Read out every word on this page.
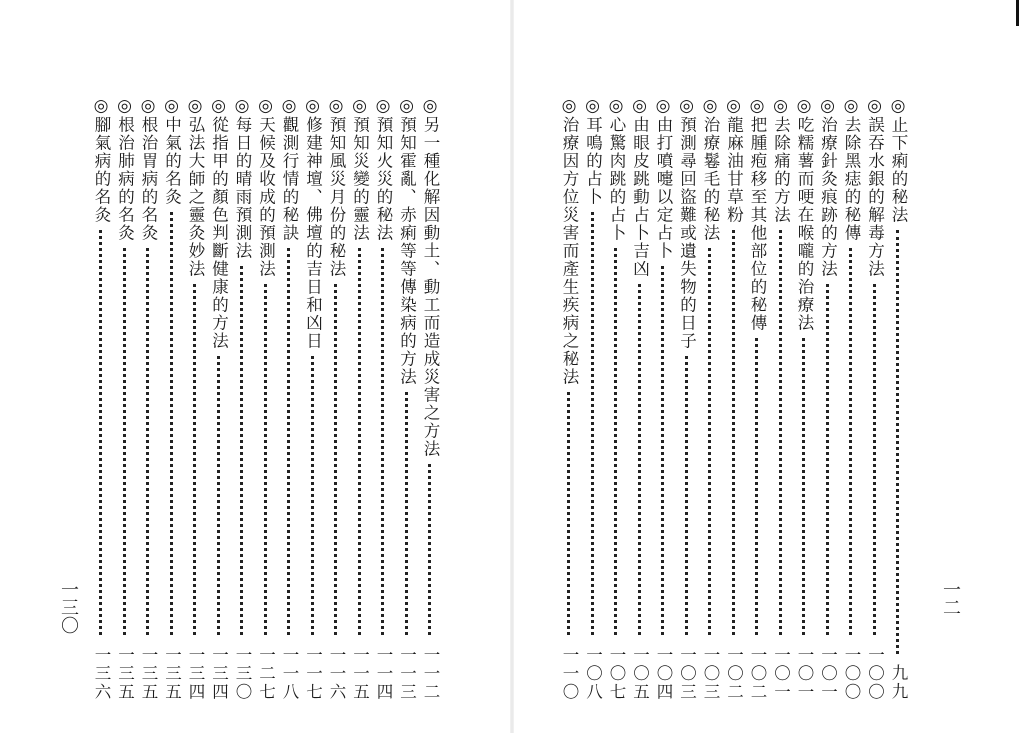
◎
另一種化解因動土、動工而造成災害之方法
一一二
◎
預知霍亂、赤痢等等傳染病的方法
一一三
◎
預知火災的秘法
一一四
◎
預知災變的靈法
一一五
◎
預知風災月份的秘法
一一六
◎
修建神壇、佛壇的吉日和凶日
一一七
◎
觀測行情的秘訣
一一八
◎
天候及收成的預測法
一二七
◎
每日的晴雨預測法
一三〇
◎
從指甲的顏色判斷健康的方法
一三四
◎
弘法大師之靈灸妙法
一三四
◎
中氣的名灸
一三五
◎
根治胃病的名灸
一三五
◎
根治肺病的名灸
一三五
◎
腳氣病的名灸
一三六
◎
止下痢的秘法
九九
◎
誤吞水銀的解毒方法
一〇〇
◎
去除黑痣的秘傳
一〇〇
◎
治療針灸痕跡的方法
一〇一
◎
吃糯薯而哽在喉嚨的治療法
一〇一
◎
去除痛的方法
一〇一
◎
把腫疱移至其他部位的秘傳
一〇二
◎
龍麻油甘草粉
一〇二
◎
治療鬈毛的秘法
一〇三
◎
預測尋回盜難或遺失物的日子
一〇三
◎
由打噴嚏以定占卜
一〇四
◎
由眼皮跳動占卜吉凶
一〇五
◎
心驚肉跳的占卜
一〇七
◎
耳鳴的占卜
一〇八
◎
治療因方位災害而產生疾病之秘法
一一〇
一三〇	一二
